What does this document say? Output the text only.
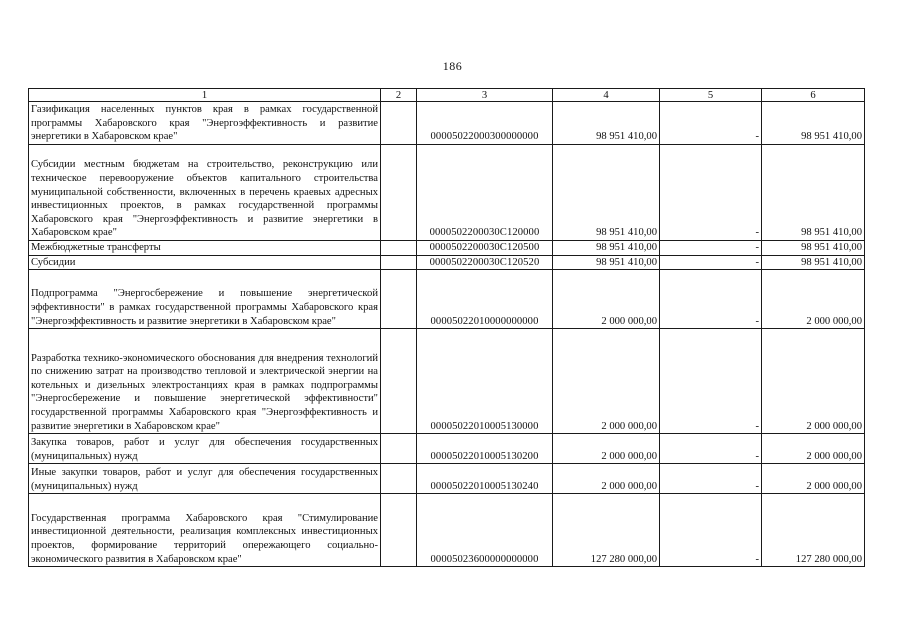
186
1	2	3	4	5	6
Газификация населенных пунктов края в рамках государственной программы Хабаровского края "Энергоэффективность и развитие энергетики в Хабаровском крае"		00005022000300000000	98 951 410,00	-	98 951 410,00
Субсидии местным бюджетам на строительство, реконструкцию или техническое перевооружение объектов капитального строительства муниципальной собственности, включенных в перечень краевых адресных инвестиционных проектов, в рамках государственной программы Хабаровского края "Энергоэффективность и развитие энергетики в Хабаровском крае"		0000502200030C120000	98 951 410,00	-	98 951 410,00
Межбюджетные трансферты		0000502200030C120500	98 951 410,00	-	98 951 410,00
Субсидии		0000502200030C120520	98 951 410,00	-	98 951 410,00
Подпрограмма "Энергосбережение и повышение энергетической эффективности" в рамках государственной программы Хабаровского края "Энергоэффективность и развитие энергетики в Хабаровском крае"		00005022010000000000	2 000 000,00	-	2 000 000,00
Разработка технико-экономического обоснования для внедрения технологий по снижению затрат на производство тепловой и электрической энергии на котельных и дизельных электростанциях края в рамках подпрограммы "Энергосбережение и повышение энергетической эффективности" государственной программы Хабаровского края "Энергоэффективность и развитие энергетики в Хабаровском крае"		00005022010005130000	2 000 000,00	-	2 000 000,00
Закупка товаров, работ и услуг для обеспечения государственных (муниципальных) нужд		00005022010005130200	2 000 000,00	-	2 000 000,00
Иные закупки товаров, работ и услуг для обеспечения государственных (муниципальных) нужд		00005022010005130240	2 000 000,00	-	2 000 000,00
Государственная программа Хабаровского края "Стимулирование инвестиционной деятельности, реализация комплексных инвестиционных проектов, формирование территорий опережающего социально-экономического развития в Хабаровском крае"		00005023600000000000	127 280 000,00	-	127 280 000,00
